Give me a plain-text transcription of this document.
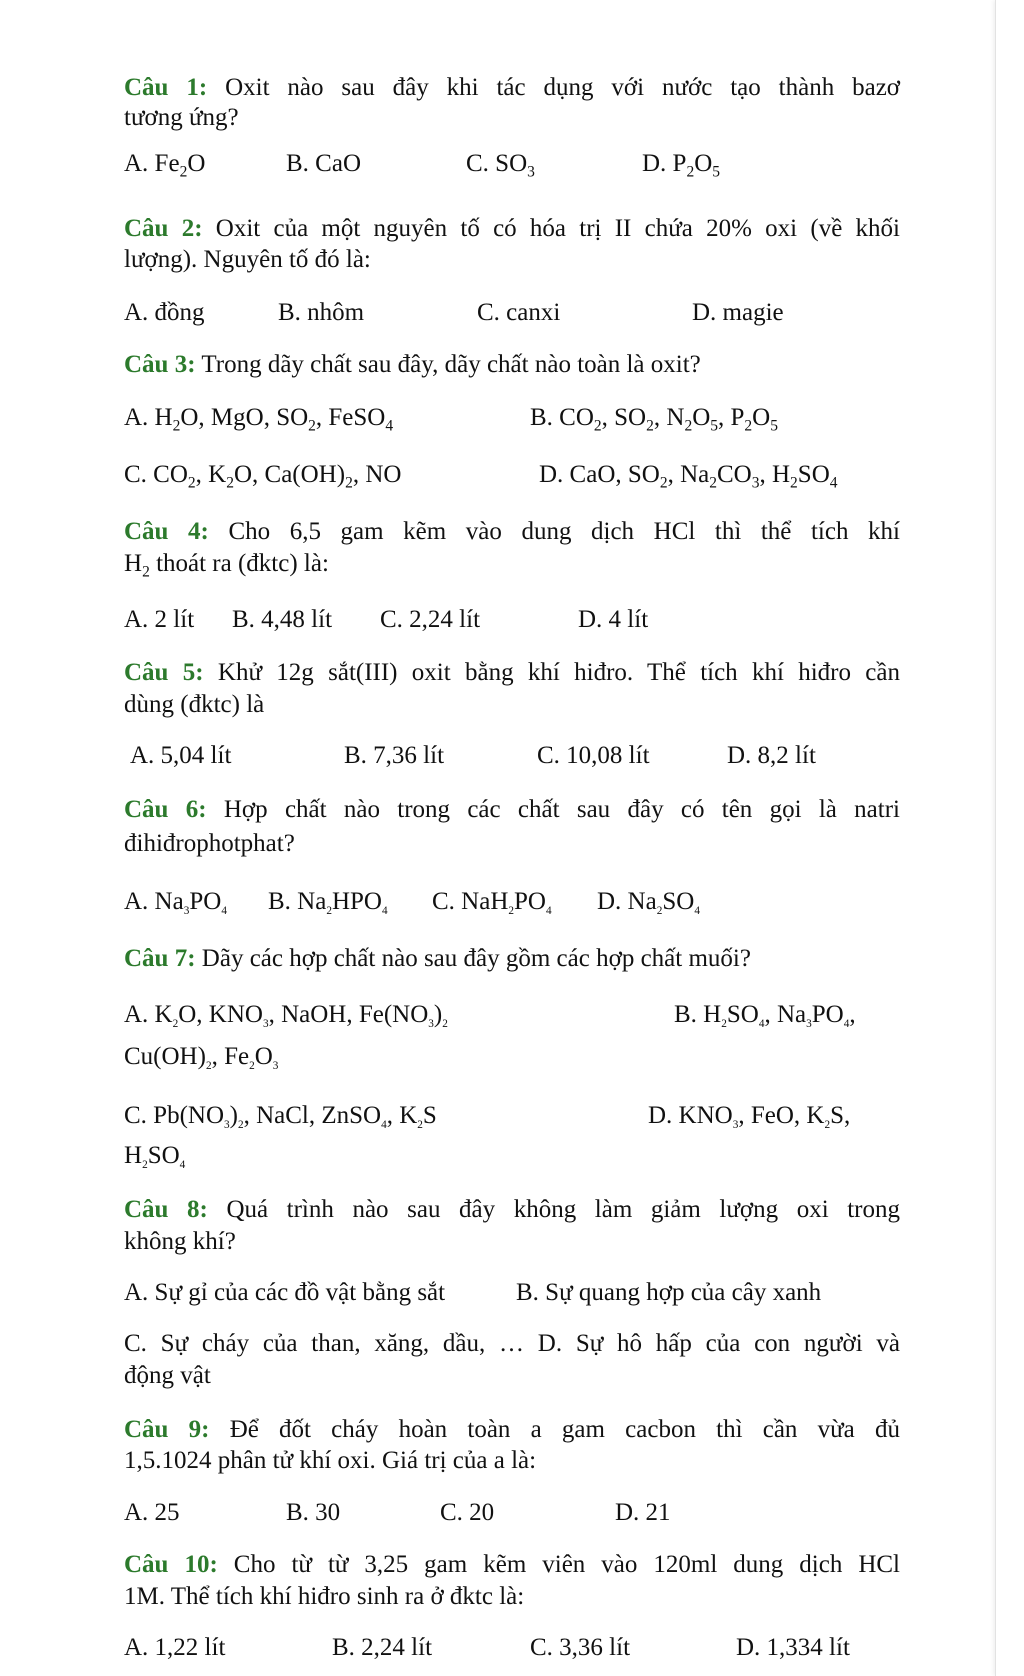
Câu 1: Oxit nào sau đây khi tác dụng với nước tạo thành bazơ
tương ứng?
A. $Fe_2O$	B. CaO	C. $SO_3$	D. $P_2O_5$
Câu 2: Oxit của một nguyên tố có hóa trị II chứa 20% oxi (về khối
lượng). Nguyên tố đó là:
A. đồng	B. nhôm	C. canxi	D. magie
Câu 3: Trong dãy chất sau đây, dãy chất nào toàn là oxit?
A. $H_2O$, MgO, $SO_2$, FeSO$_4$	B. $CO_2$, $SO_2$, $N_2O_5$, $P_2O_5$
C. $CO_2$, $K_2O$, $Ca(OH)_2$, NO	D. CaO, $SO_2$, $Na_2CO_3$, $H_2SO_4$
Câu 4: Cho 6,5 gam kẽm vào dung dịch HCl thì thể tích khí
$H_2$ thoát ra (đktc) là:
A. 2 lít B. 4,48 lít C. 2,24 lít	D. 4 lít
Câu 5: Khử 12g sắt(III) oxit bằng khí hiđro. Thể tích khí hiđro cần
dùng (đktc) là
A. 5,04 lít	B. 7,36 lít	C. 10,08 lít	D. 8,2 lít
Câu 6: Hợp chất nào trong các chất sau đây có tên gọi là natri
đihiđrophotphat?
A. $Na_3PO_4$ B. $Na_2HPO_4$ C. $NaH_2PO_4$ D. $Na_2SO_4$
Câu 7: Dãy các hợp chất nào sau đây gồm các hợp chất muối?
A. $K_2O$, $KNO_3$, NaOH, $Fe(NO_3)_2$	B. $H_2SO_4$, $Na_3PO_4$,
$Cu(OH)_2$, $Fe_2O_3$
C. $Pb(NO_3)_2$, NaCl, ZnSO$_4$, $K_2S$	D. $KNO_3$, FeO, $K_2S$,
$H_2SO_4$
Câu 8: Quá trình nào sau đây không làm giảm lượng oxi trong
không khí?
A. Sự gỉ của các đồ vật bằng sắt	B. Sự quang hợp của cây xanh
C. Sự cháy của than, xăng, dầu, … D. Sự hô hấp của con người và
động vật
Câu 9: Để đốt cháy hoàn toàn a gam cacbon thì cần vừa đủ
1,5.1024 phân tử khí oxi. Giá trị của a là:
A. 25	B. 30	C. 20	D. 21
Câu 10: Cho từ từ 3,25 gam kẽm viên vào 120ml dung dịch HCl
1M. Thể tích khí hiđro sinh ra ở đktc là:
A. 1,22 lít	B. 2,24 lít	C. 3,36 lít	D. 1,334 lít
